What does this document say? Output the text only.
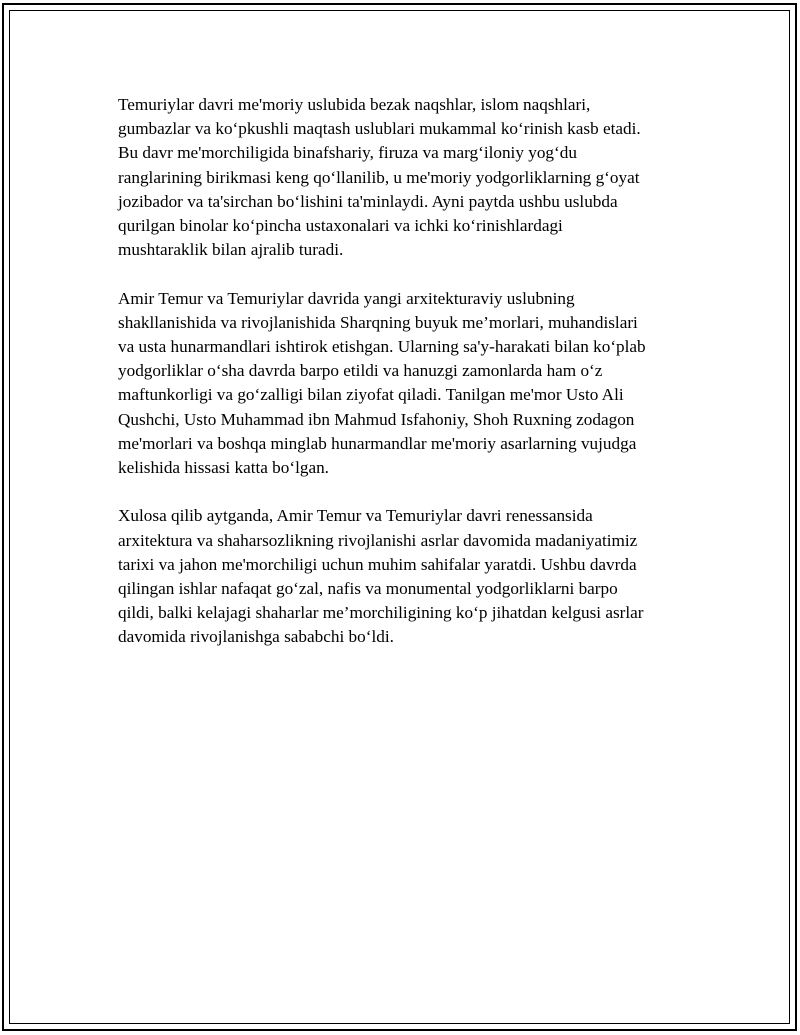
Temuriylar davri me'moriy uslubida bezak naqshlar, islom naqshlari,
gumbazlar va ko‘pkushli maqtash uslublari mukammal ko‘rinish kasb etadi.
Bu davr me'morchiligida binafshariy, firuza va marg‘iloniy yog‘du
ranglarining birikmasi keng qo‘llanilib, u me'moriy yodgorliklarning g‘oyat
jozibador va ta'sirchan bo‘lishini ta'minlaydi. Ayni paytda ushbu uslubda
qurilgan binolar ko‘pincha ustaxonalari va ichki ko‘rinishlardagi
mushtaraklik bilan ajralib turadi.

Amir Temur va Temuriylar davrida yangi arxitekturaviy uslubning
shakllanishida va rivojlanishida Sharqning buyuk me’morlari, muhandislari
va usta hunarmandlari ishtirok etishgan. Ularning sa'y-harakati bilan ko‘plab
yodgorliklar o‘sha davrda barpo etildi va hanuzgi zamonlarda ham o‘z
maftunkorligi va go‘zalligi bilan ziyofat qiladi. Tanilgan me'mor Usto Ali
Qushchi, Usto Muhammad ibn Mahmud Isfahoniy, Shoh Ruxning zodagon
me'morlari va boshqa minglab hunarmandlar me'moriy asarlarning vujudga
kelishida hissasi katta bo‘lgan.

Xulosa qilib aytganda, Amir Temur va Temuriylar davri renessansida
arxitektura va shaharsozlikning rivojlanishi asrlar davomida madaniyatimiz
tarixi va jahon me'morchiligi uchun muhim sahifalar yaratdi. Ushbu davrda
qilingan ishlar nafaqat go‘zal, nafis va monumental yodgorliklarni barpo
qildi, balki kelajagi shaharlar me’morchiligining ko‘p jihatdan kelgusi asrlar
davomida rivojlanishga sababchi bo‘ldi.
